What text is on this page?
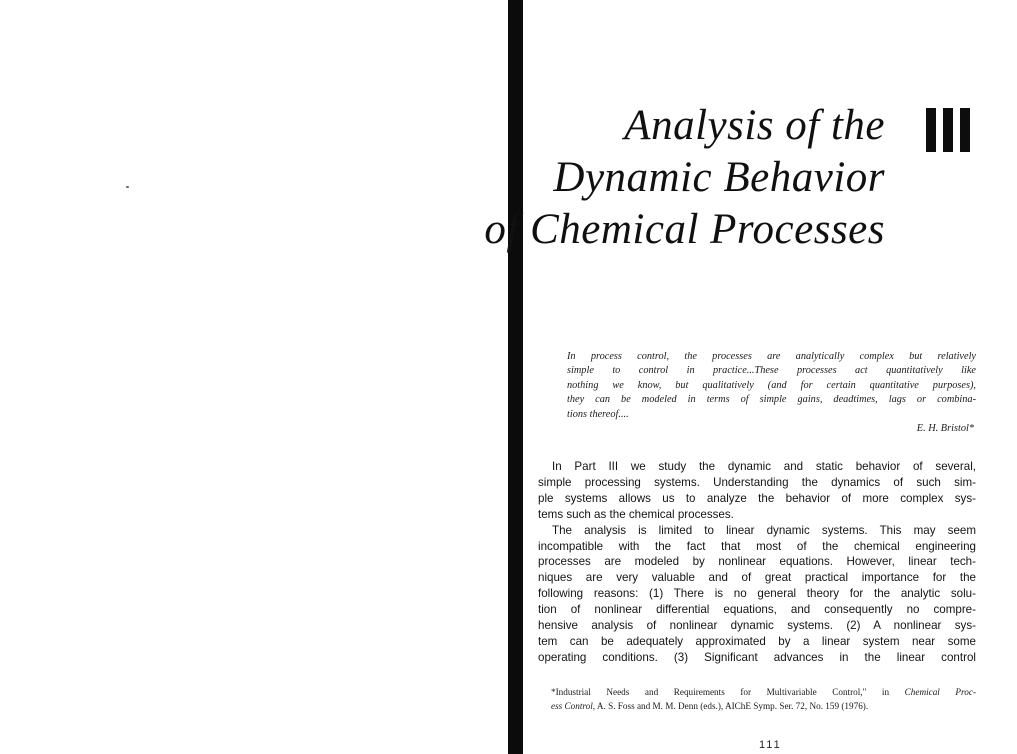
Analysis of the
Dynamic Behavior
of Chemical Processes
In process control, the processes are analytically complex but relatively
simple to control in practice...These processes act quantitatively like
nothing we know, but qualitatively (and for certain quantitative purposes),
they can be modeled in terms of simple gains, deadtimes, lags or combina-
tions thereof....
E. H. Bristol*
In Part III we study the dynamic and static behavior of several,
simple processing systems. Understanding the dynamics of such sim-
ple systems allows us to analyze the behavior of more complex sys-
tems such as the chemical processes.
The analysis is limited to linear dynamic systems. This may seem
incompatible with the fact that most of the chemical engineering
processes are modeled by nonlinear equations. However, linear tech-
niques are very valuable and of great practical importance for the
following reasons: (1) There is no general theory for the analytic solu-
tion of nonlinear differential equations, and consequently no compre-
hensive analysis of nonlinear dynamic systems. (2) A nonlinear sys-
tem can be adequately approximated by a linear system near some
operating conditions. (3) Significant advances in the linear control
*Industrial Needs and Requirements for Multivariable Control," in Chemical Proc-
ess Control, A. S. Foss and M. M. Denn (eds.), AIChE Symp. Ser. 72, No. 159 (1976).
111
